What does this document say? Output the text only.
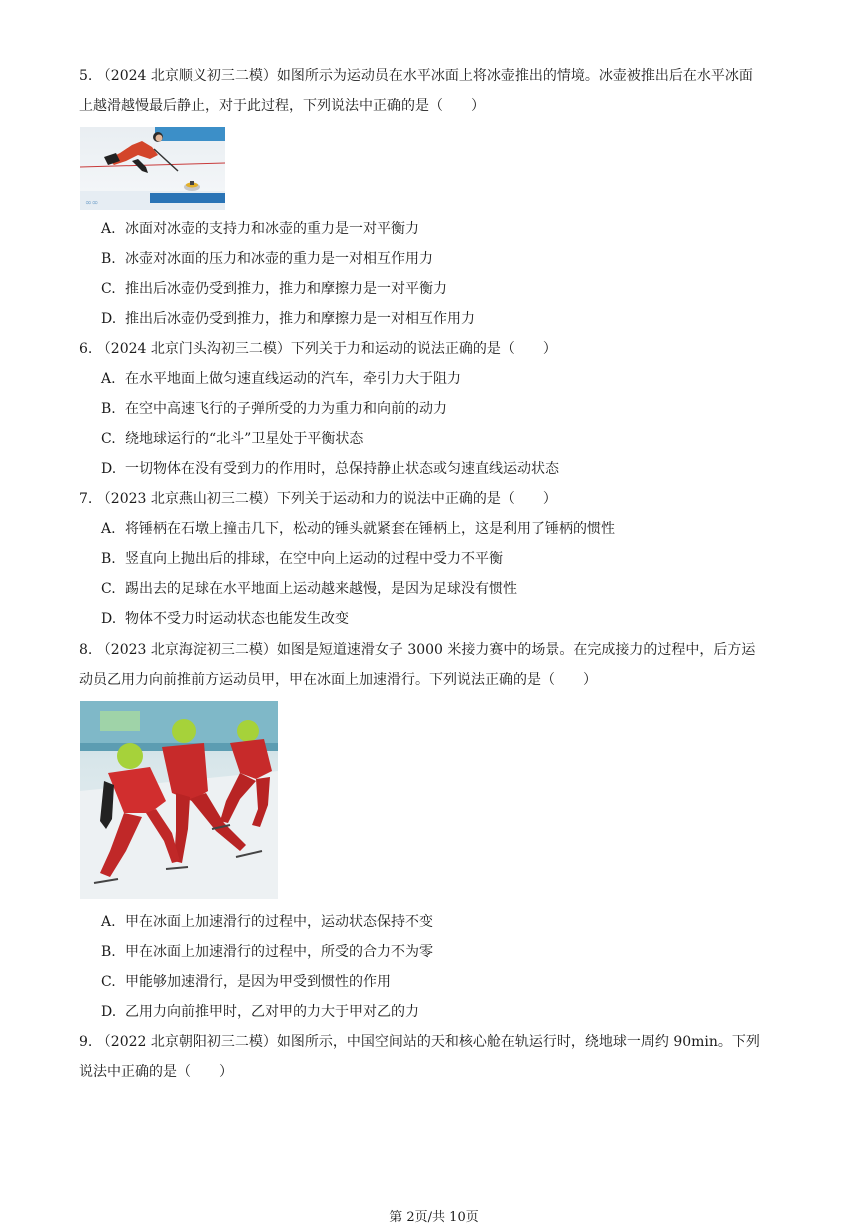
5. （2024 北京顺义初三二模）如图所示为运动员在水平冰面上将冰壶推出的情境。冰壶被推出后在水平冰面
上越滑越慢最后静止，对于此过程，下列说法中正确的是（　　）
∞∞
A. 冰面对冰壶的支持力和冰壶的重力是一对平衡力
B. 冰壶对冰面的压力和冰壶的重力是一对相互作用力
C. 推出后冰壶仍受到推力，推力和摩擦力是一对平衡力
D. 推出后冰壶仍受到推力，推力和摩擦力是一对相互作用力
6. （2024 北京门头沟初三二模）下列关于力和运动的说法正确的是（　　）
A. 在水平地面上做匀速直线运动的汽车，牵引力大于阻力
B. 在空中高速飞行的子弹所受的力为重力和向前的动力
C. 绕地球运行的“北斗”卫星处于平衡状态
D. 一切物体在没有受到力的作用时，总保持静止状态或匀速直线运动状态
7. （2023 北京燕山初三二模）下列关于运动和力的说法中正确的是（　　）
A. 将锤柄在石墩上撞击几下，松动的锤头就紧套在锤柄上，这是利用了锤柄的惯性
B. 竖直向上抛出后的排球，在空中向上运动的过程中受力不平衡
C. 踢出去的足球在水平地面上运动越来越慢，是因为足球没有惯性
D. 物体不受力时运动状态也能发生改变
8. （2023 北京海淀初三二模）如图是短道速滑女子 3000 米接力赛中的场景。在完成接力的过程中，后方运
动员乙用力向前推前方运动员甲，甲在冰面上加速滑行。下列说法正确的是（　　）
A. 甲在冰面上加速滑行的过程中，运动状态保持不变
B. 甲在冰面上加速滑行的过程中，所受的合力不为零
C. 甲能够加速滑行，是因为甲受到惯性的作用
D. 乙用力向前推甲时，乙对甲的力大于甲对乙的力
9. （2022 北京朝阳初三二模）如图所示，中国空间站的天和核心舱在轨运行时，绕地球一周约 90min。下列
说法中正确的是（　　）
第 2页/共 10页
